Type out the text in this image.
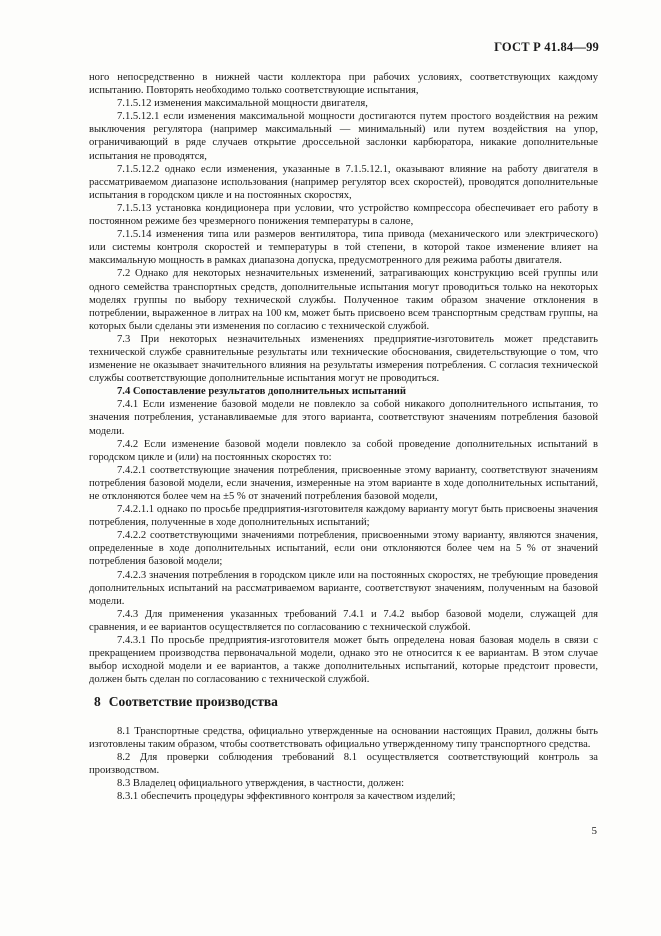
ГОСТ Р 41.84—99

ного непосредственно в нижней части коллектора при рабочих условиях, соответствующих каждому испытанию. Повторять необходимо только соответствующие испытания,

7.1.5.12 изменения максимальной мощности двигателя,

7.1.5.12.1 если изменения максимальной мощности достигаются путем простого воздействия на режим выключения регулятора (например максимальный — минимальный) или путем воздействия на упор, ограничивающий в ряде случаев открытие дроссельной заслонки карбюратора, никакие дополнительные испытания не проводятся,

7.1.5.12.2 однако если изменения, указанные в 7.1.5.12.1, оказывают влияние на работу двигателя в рассматриваемом диапазоне использования (например регулятор всех скоростей), проводятся дополнительные испытания в городском цикле и на постоянных скоростях,

7.1.5.13 установка кондиционера при условии, что устройство компрессора обеспечивает его работу в постоянном режиме без чрезмерного понижения температуры в салоне,

7.1.5.14 изменения типа или размеров вентилятора, типа привода (механического или электрического) или системы контроля скоростей и температуры в той степени, в которой такое изменение влияет на максимальную мощность в рамках диапазона допуска, предусмотренного для режима работы двигателя.

7.2 Однако для некоторых незначительных изменений, затрагивающих конструкцию всей группы или одного семейства транспортных средств, дополнительные испытания могут проводиться только на некоторых моделях группы по выбору технической службы. Полученное таким образом значение отклонения в потреблении, выраженное в литрах на 100 км, может быть присвоено всем транспортным средствам группы, на которых были сделаны эти изменения по согласию с технической службой.

7.3 При некоторых незначительных изменениях предприятие-изготовитель может представить технической службе сравнительные результаты или технические обоснования, свидетельствующие о том, что изменение не оказывает значительного влияния на результаты измерения потребления. С согласия технической службы соответствующие дополнительные испытания могут не проводиться.

7.4 Сопоставление результатов дополнительных испытаний

7.4.1 Если изменение базовой модели не повлекло за собой никакого дополнительного испытания, то значения потребления, устанавливаемые для этого варианта, соответствуют значениям потребления базовой модели.

7.4.2 Если изменение базовой модели повлекло за собой проведение дополнительных испытаний в городском цикле и (или) на постоянных скоростях то:

7.4.2.1 соответствующие значения потребления, присвоенные этому варианту, соответствуют значениям потребления базовой модели, если значения, измеренные на этом варианте в ходе дополнительных испытаний, не отклоняются более чем на ±5 % от значений потребления базовой модели,

7.4.2.1.1 однако по просьбе предприятия-изготовителя каждому варианту могут быть присвоены значения потребления, полученные в ходе дополнительных испытаний;

7.4.2.2 соответствующими значениями потребления, присвоенными этому варианту, являются значения, определенные в ходе дополнительных испытаний, если они отклоняются более чем на 5 % от значений потребления базовой модели;

7.4.2.3 значения потребления в городском цикле или на постоянных скоростях, не требующие проведения дополнительных испытаний на рассматриваемом варианте, соответствуют значениям, полученным на базовой модели.

7.4.3 Для применения указанных требований 7.4.1 и 7.4.2 выбор базовой модели, служащей для сравнения, и ее вариантов осуществляется по согласованию с технической службой.

7.4.3.1 По просьбе предприятия-изготовителя может быть определена новая базовая модель в связи с прекращением производства первоначальной модели, однако это не относится к ее вариантам. В этом случае выбор исходной модели и ее вариантов, а также дополнительных испытаний, которые предстоит провести, должен быть сделан по согласованию с технической службой.

8 Соответствие производства

8.1 Транспортные средства, официально утвержденные на основании настоящих Правил, должны быть изготовлены таким образом, чтобы соответствовать официально утвержденному типу транспортного средства.

8.2 Для проверки соблюдения требований 8.1 осуществляется соответствующий контроль за производством.

8.3 Владелец официального утверждения, в частности, должен:

8.3.1 обеспечить процедуры эффективного контроля за качеством изделий;

5
